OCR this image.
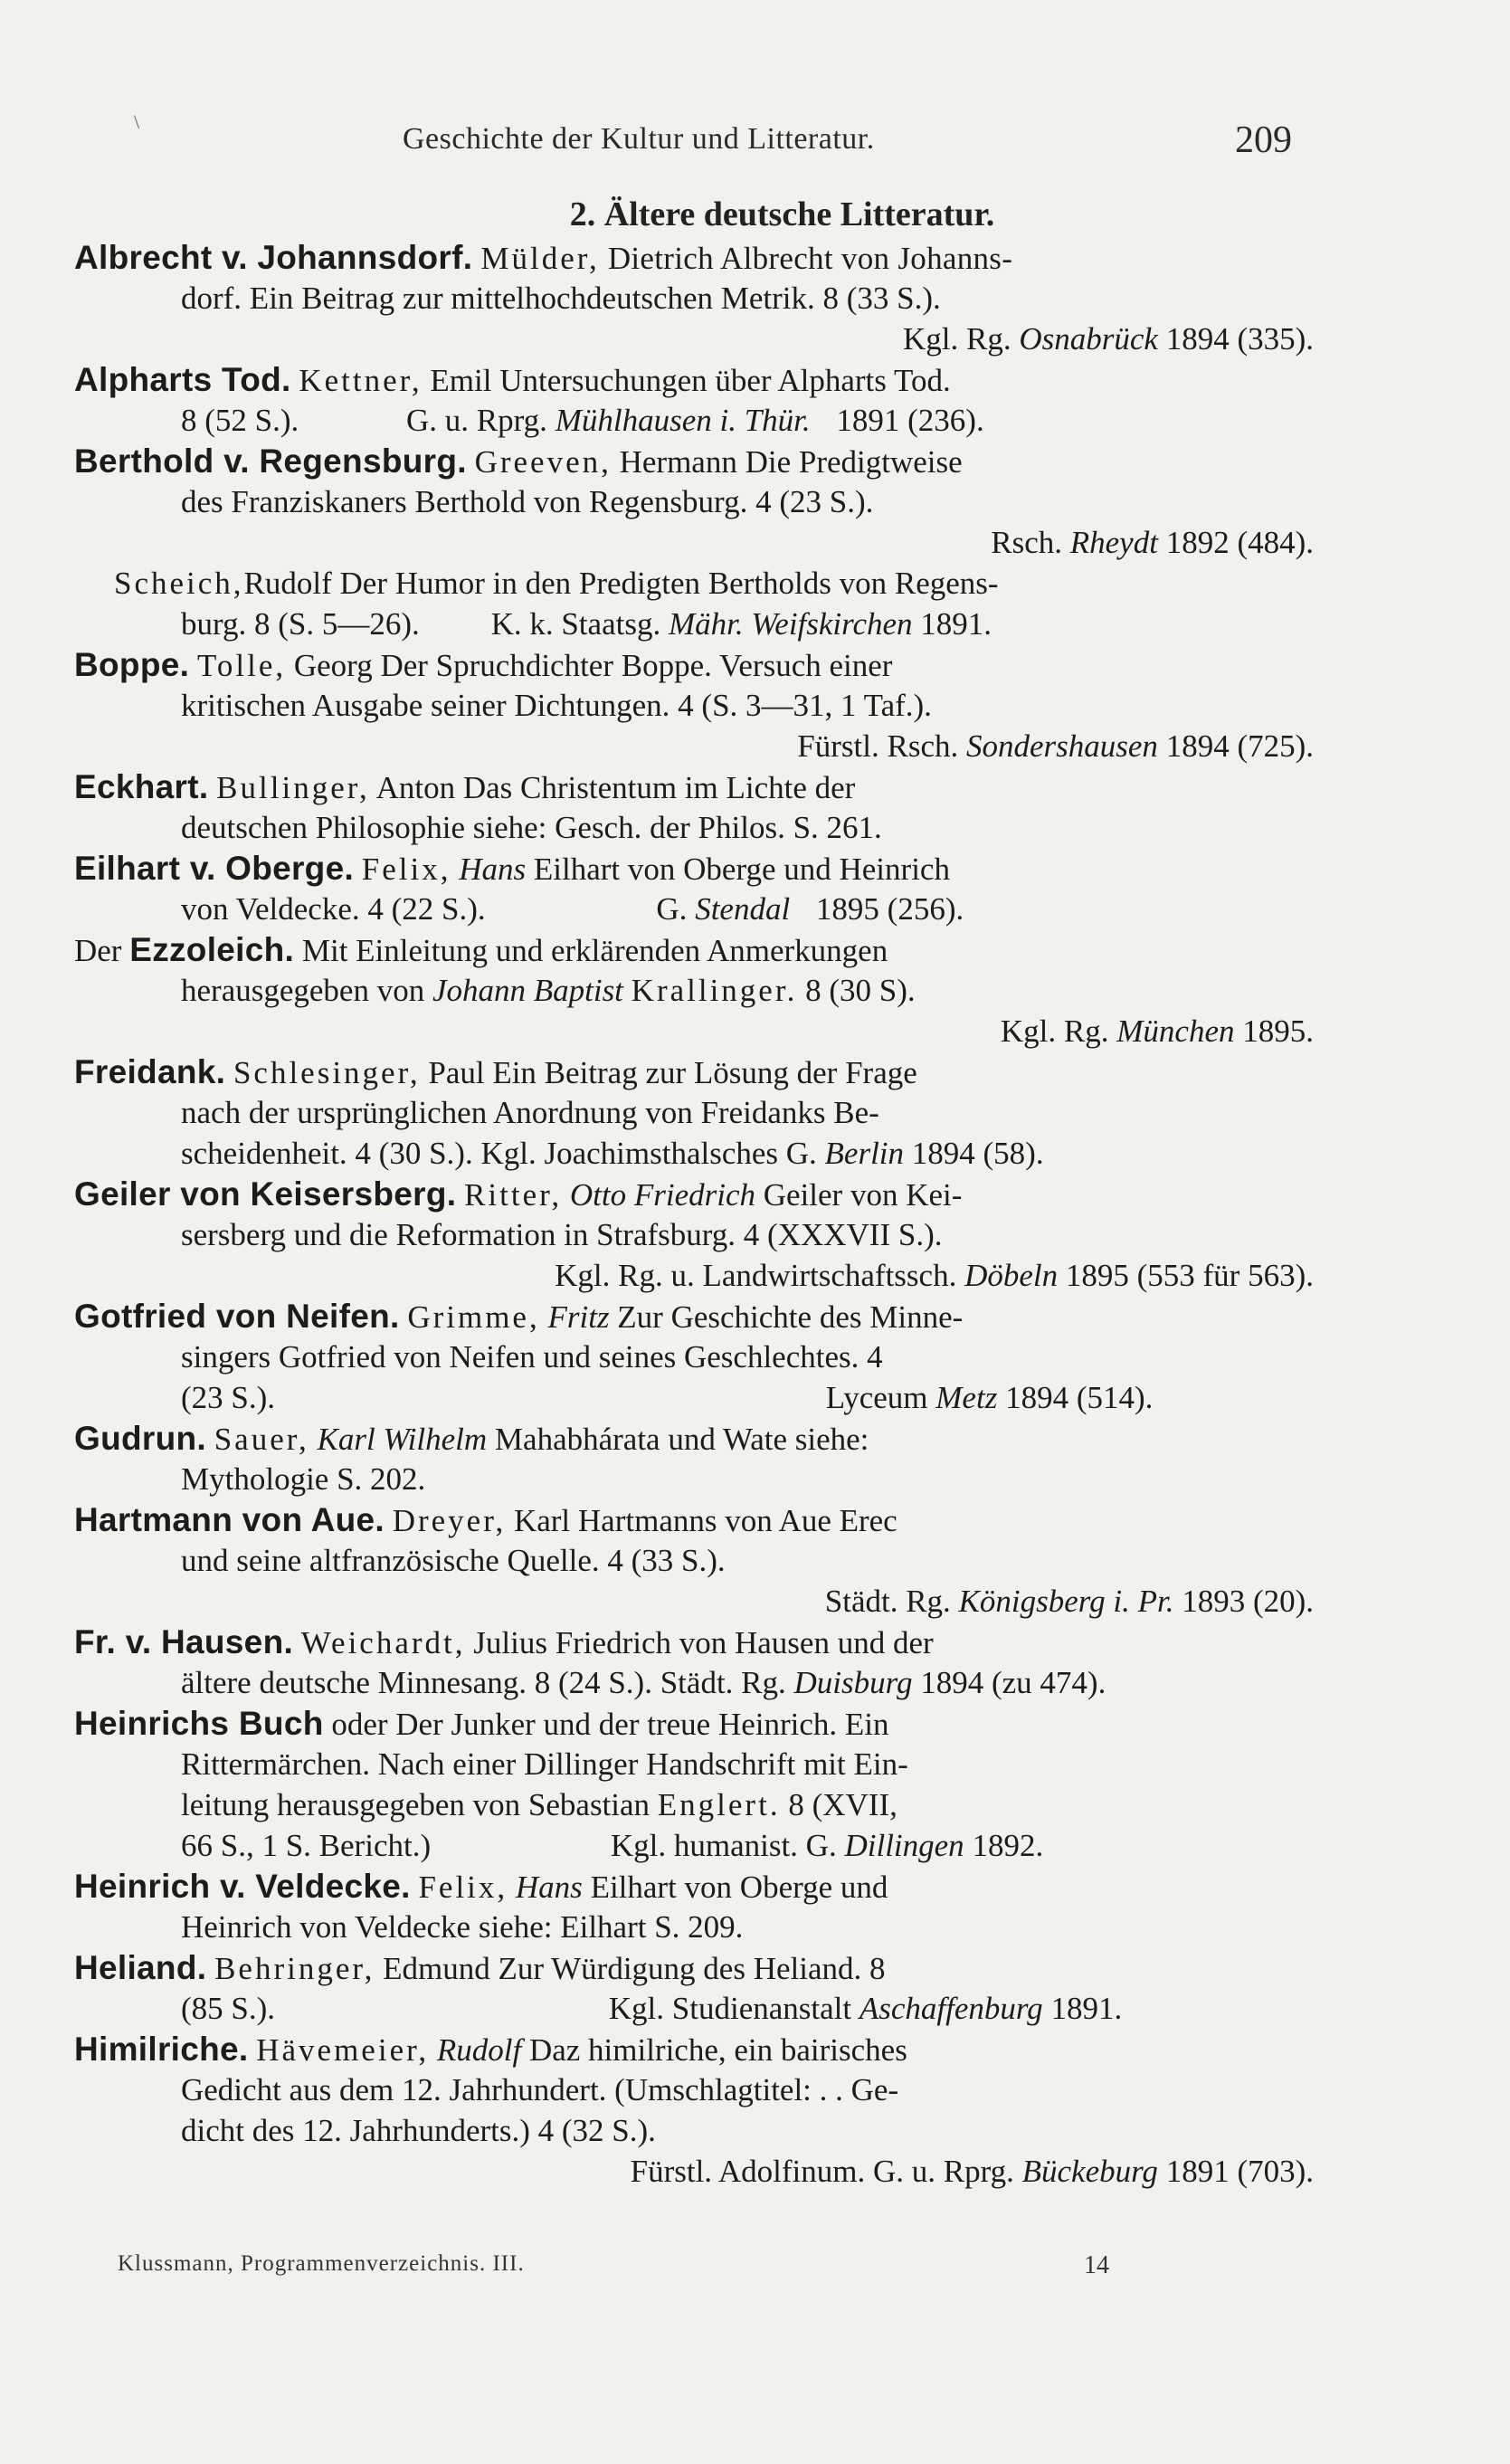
\
Geschichte der Kultur und Litteratur.	209
2. Ältere deutsche Litteratur.
Albrecht v. Johannsdorf. Mülder, Dietrich Albrecht von Johanns-
dorf. Ein Beitrag zur mittelhochdeutschen Metrik. 8 (33 S.).
Kgl. Rg. Osnabrück 1894 (335).
Alpharts Tod. Kettner, Emil Untersuchungen über Alpharts Tod.
8 (52 S.).	G. u. Rprg. Mühlhausen i. Thür. 1891 (236).
Berthold v. Regensburg. Greeven, Hermann Die Predigtweise
des Franziskaners Berthold von Regensburg. 4 (23 S.).
Rsch. Rheydt 1892 (484).
Scheich,Rudolf Der Humor in den Predigten Bertholds von Regens-
burg. 8 (S. 5—26). K. k. Staatsg. Mähr. Weifskirchen 1891.
Boppe. Tolle, Georg Der Spruchdichter Boppe. Versuch einer
kritischen Ausgabe seiner Dichtungen. 4 (S. 3—31, 1 Taf.).
Fürstl. Rsch. Sondershausen 1894 (725).
Eckhart. Bullinger, Anton Das Christentum im Lichte der
deutschen Philosophie siehe: Gesch. der Philos. S. 261.
Eilhart v. Oberge. Felix, Hans Eilhart von Oberge und Heinrich
von Veldecke. 4 (22 S.).	G. Stendal 1895 (256).
Der Ezzoleich. Mit Einleitung und erklärenden Anmerkungen
herausgegeben von Johann Baptist Krallinger. 8 (30 S).
Kgl. Rg. München 1895.
Freidank. Schlesinger, Paul Ein Beitrag zur Lösung der Frage
nach der ursprünglichen Anordnung von Freidanks Be-
scheidenheit. 4 (30 S.). Kgl. Joachimsthalsches G. Berlin 1894 (58).
Geiler von Keisersberg. Ritter, Otto Friedrich Geiler von Kei-
sersberg und die Reformation in Strafsburg. 4 (XXXVII S.).
Kgl. Rg. u. Landwirtschaftssch. Döbeln 1895 (553 für 563).
Gotfried von Neifen. Grimme, Fritz Zur Geschichte des Minne-
singers Gotfried von Neifen und seines Geschlechtes. 4
(23 S.).	Lyceum Metz 1894 (514).
Gudrun. Sauer, Karl Wilhelm Mahabhárata und Wate siehe:
Mythologie S. 202.
Hartmann von Aue. Dreyer, Karl Hartmanns von Aue Erec
und seine altfranzösische Quelle. 4 (33 S.).
Städt. Rg. Königsberg i. Pr. 1893 (20).
Fr. v. Hausen. Weichardt, Julius Friedrich von Hausen und der
ältere deutsche Minnesang. 8 (24 S.). Städt. Rg. Duisburg 1894 (zu 474).
Heinrichs Buch oder Der Junker und der treue Heinrich. Ein
Rittermärchen. Nach einer Dillinger Handschrift mit Ein-
leitung herausgegeben von Sebastian Englert. 8 (XVII,
66 S., 1 S. Bericht.)	Kgl. humanist. G. Dillingen 1892.
Heinrich v. Veldecke. Felix, Hans Eilhart von Oberge und
Heinrich von Veldecke siehe: Eilhart S. 209.
Heliand. Behringer, Edmund Zur Würdigung des Heliand. 8
(85 S.).	Kgl. Studienanstalt Aschaffenburg 1891.
Himilriche. Hävemeier, Rudolf Daz himilriche, ein bairisches
Gedicht aus dem 12. Jahrhundert. (Umschlagtitel: . . Ge-
dicht des 12. Jahrhunderts.) 4 (32 S.).
Fürstl. Adolfinum. G. u. Rprg. Bückeburg 1891 (703).
Klussmann, Programmenverzeichnis. III.	14
